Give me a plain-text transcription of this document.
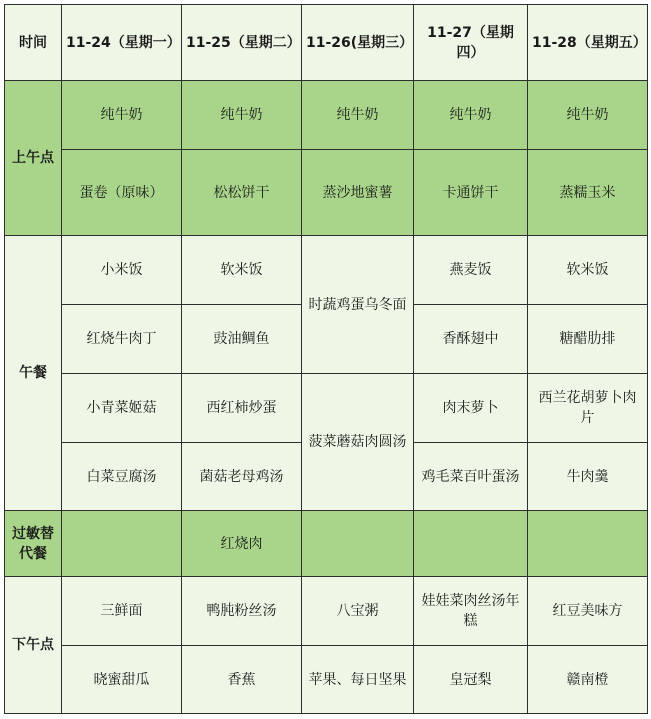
时间	11-24（星期一）	11-25（星期二）	11-26(星期三）	11-27（星期四）	11-28（星期五）
上午点	纯牛奶	纯牛奶	纯牛奶	纯牛奶	纯牛奶
	蛋卷（原味）	松松饼干	蒸沙地蜜薯	卡通饼干	蒸糯玉米
午餐	小米饭	软米饭	时蔬鸡蛋乌冬面	燕麦饭	软米饭
	红烧牛肉丁	豉油鲷鱼		香酥翅中	糖醋肋排
	小青菜姬菇	西红柿炒蛋	菠菜蘑菇肉圆汤	肉末萝卜	西兰花胡萝卜肉片
	白菜豆腐汤	菌菇老母鸡汤		鸡毛菜百叶蛋汤	牛肉羹
过敏替代餐		红烧肉			
下午点	三鲜面	鸭肫粉丝汤	八宝粥	娃娃菜肉丝汤年糕	红豆美味方
	晓蜜甜瓜	香蕉	苹果、每日坚果	皇冠梨	赣南橙
